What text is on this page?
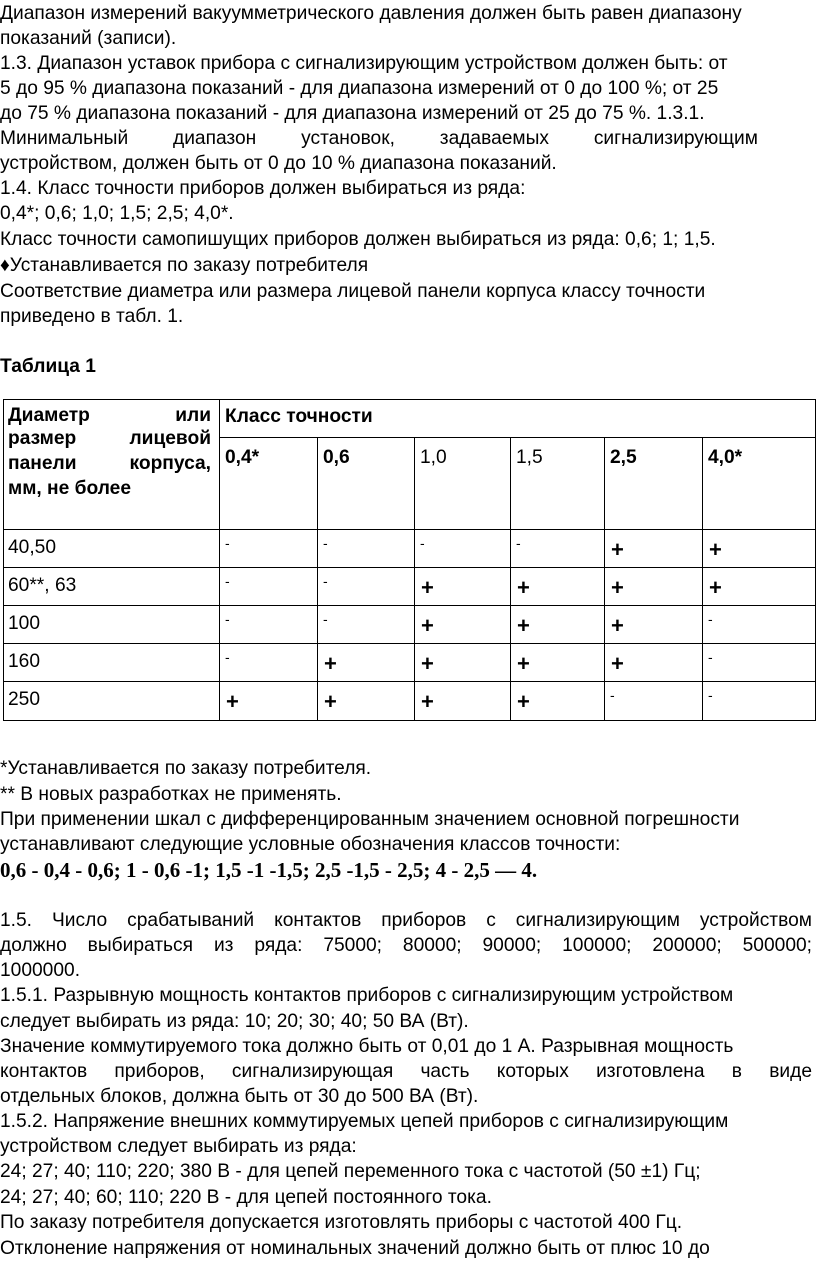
Диапазон измерений вакуумметрического давления должен быть равен диапазону
показаний (записи).
1.3. Диапазон уставок прибора с сигнализирующим устройством должен быть: от
5 до 95 % диапазона показаний - для диапазона измерений от 0 до 100 %; от 25
до 75 % диапазона показаний - для диапазона измерений от 25 до 75 %. 1.3.1.
Минимальный диапазон установок, задаваемых сигнализирующим
устройством, должен быть от 0 до 10 % диапазона показаний.
1.4. Класс точности приборов должен выбираться из ряда:
0,4*; 0,6; 1,0; 1,5; 2,5; 4,0*.
Класс точности самопишущих приборов должен выбираться из ряда: 0,6; 1; 1,5.
♦Устанавливается по заказу потребителя
Соответствие диаметра или размера лицевой панели корпуса классу точности
приведено в табл. 1.
Таблица 1
Диаметр	или
размер	лицевой
панели	корпуса,
мм, не более
Класс точности
0,4*	0,6	1,0	1,5	2,5	4,0*
40,50	-	-	-	-	+	+
60**, 63	-	-	+	+	+	+
100	-	-	+	+	+	-
160	-	+	+	+	+	-
250	+	+	+	+	-	-
*Устанавливается по заказу потребителя.
** В новых разработках не применять.
При применении шкал с дифференцированным значением основной погрешности
устанавливают следующие условные обозначения классов точности:
0,6 - 0,4 - 0,6; 1 - 0,6 -1; 1,5 -1 -1,5; 2,5 -1,5 - 2,5; 4 - 2,5 — 4.
1.5. Число срабатываний контактов приборов с сигнализирующим устройством
должно выбираться из ряда: 75000; 80000; 90000; 100000; 200000; 500000;
1000000.
1.5.1. Разрывную мощность контактов приборов с сигнализирующим устройством
следует выбирать из ряда: 10; 20; 30; 40; 50 ВА (Вт).
Значение коммутируемого тока должно быть от 0,01 до 1 А. Разрывная мощность
контактов приборов, сигнализирующая часть которых изготовлена в виде
отдельных блоков, должна быть от 30 до 500 ВА (Вт).
1.5.2. Напряжение внешних коммутируемых цепей приборов с сигнализирующим
устройством следует выбирать из ряда:
24; 27; 40; 110; 220; 380 В - для цепей переменного тока с частотой (50 ±1) Гц;
24; 27; 40; 60; 110; 220 В - для цепей постоянного тока.
По заказу потребителя допускается изготовлять приборы с частотой 400 Гц.
Отклонение напряжения от номинальных значений должно быть от плюс 10 до
